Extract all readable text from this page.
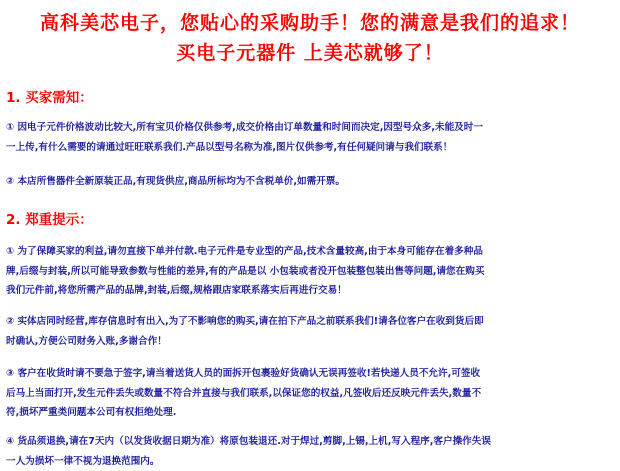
高科美芯电子，您贴心的采购助手！您的满意是我们的追求！
买电子元器件 上美芯就够了！
1. 买家需知：
① 因电子元件价格波动比较大,所有宝贝价格仅供参考,成交价格由订单数量和时间而决定,因型号众多,未能及时一
一上传,有什么需要的请通过旺旺联系我们.产品以型号名称为准,图片仅供参考,有任何疑问请与我们联系！
② 本店所售器件全新原装正品,有现货供应,商品所标均为不含税单价,如需开票。
2. 郑重提示：
① 为了保障买家的利益,请勿直接下单并付款.电子元件是专业型的产品,技术含量较高,由于本身可能存在着多种品
牌,后缀与封装,所以可能导致参数与性能的差异,有的产品是以 小包装或者没开包装整包装出售等问题,请您在购买
我们元件前,将您所需产品的品牌,封装,后缀,规格跟店家联系落实后再进行交易！
② 实体店同时经营,库存信息时有出入,为了不影响您的购买,请在拍下产品之前联系我们!请各位客户在收到货后即
时确认,方便公司财务入账,多谢合作！
③ 客户在收货时请不要急于签字,请当着送货人员的面拆开包裹验好货确认无误再签收!若快递人员不允许,可签收
后马上当面打开,发生元件丢失或数量不符合并直接与我们联系,以保证您的权益,凡签收后还反映元件丢失,数量不
符,损坏严重类问题本公司有权拒绝处理.
④ 货品须退换,请在7天内（以发货收据日期为准）将原包装退还.对于焊过,剪脚,上锡,上机,写入程序,客户操作失误
一人为损坏一律不视为退换范围内。
